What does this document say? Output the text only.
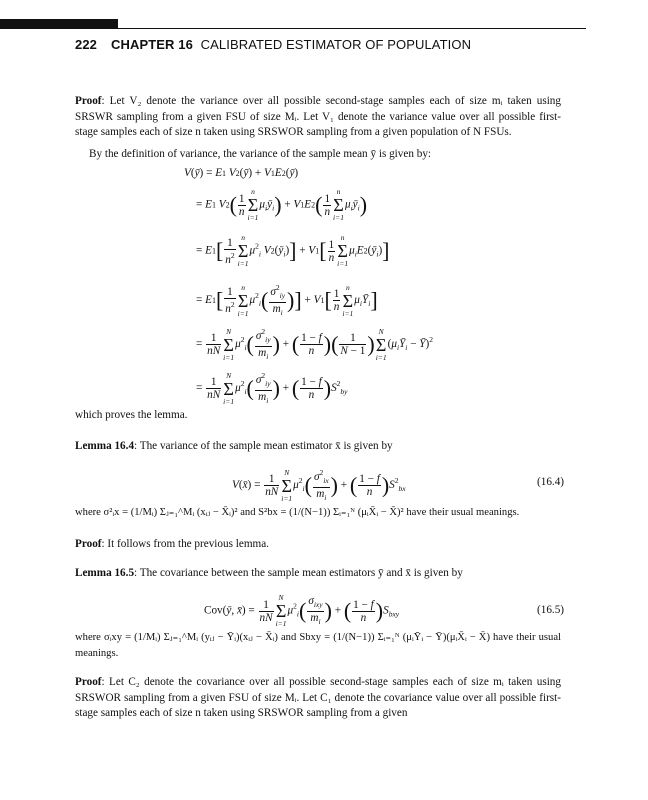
222 CHAPTER 16 CALIBRATED ESTIMATOR OF POPULATION
Proof: Let V₂ denote the variance over all possible second-stage samples each of size mᵢ taken using SRSWR sampling from a given FSU of size Mᵢ. Let V₁ denote the variance value over all possible first-stage samples each of size n taken using SRSWOR sampling from a given population of N FSUs.
By the definition of variance, the variance of the sample mean ȳ is given by:
V(ȳ) = E1 V2(ȳ) + V1E2(ȳ)
= E1 $V2( \frac{1}{n}$
n
Σ
i=1
$\mu_iȳ_i) + V1E2( \frac{1}{n}$
n
Σ
i=1
$\mu_iȳ_i$)
= $E1[ \frac{1}{n^2}$ n
Σ
i=1
$\mu^2_i$ $V2(ȳ_i)] + V1[ \frac{1}{n}$
n
Σ
i=1
$\mu_iE2(ȳ_i)$]
= $E1[ \frac{1}{n^2}$ n
Σ
i=1
$\mu^2_i( \frac{\sigma^2_{iy}}{m_i}$ )] + $V1[ \frac{1}{n}$
n
Σ
i=1
$\mu_iȲ_i$]
= $\frac{1}{nN}$
N
Σ
i=1
$\mu^2_i( \frac{\sigma^2_{iy}}{m_i}$ ) + ( $\frac{1 - f}{n}$ )( $\frac{1}{N - 1}$ )
N
Σ
i=1
($\mu_iȲ_i$ − Ȳ)$^2$
= $\frac{1}{nN}$
N
Σ
i=1
$\mu^2_i( \frac{\sigma^2_{iy}}{m_i}$ ) + ( $\frac{1 - f}{n} )S^2_{by}$
which proves the lemma.
Lemma 16.4: The variance of the sample mean estimator x̄ is given by
V(x̄) = $\frac{1}{nN}$
N
Σ
i=1
$\mu^2_i( \frac{\sigma^2_{ix}}{m_i}$ ) + ( $\frac{1 - f}{n} )S^2_{bx}$
(16.4)
where σ²ᵢx = (1/Mᵢ) Σⱼ₌₁^Mᵢ (xᵢⱼ − X̄ᵢ)² and S²bx = (1/(N−1)) Σᵢ₌₁ᴺ (μᵢX̄ᵢ − X̄)² have their usual meanings.
Proof: It follows from the previous lemma.
Lemma 16.5: The covariance between the sample mean estimators ȳ and x̄ is given by
Cov(ȳ, x̄) = $\frac{1}{nN}$
N
Σ
i=1
$\mu^2_i( \frac{\sigma_{ixy}}{m_i}$ ) + ( $\frac{1 - f}{n} )S_{bxy}$	(16.5)
where σᵢxy = (1/Mᵢ) Σⱼ₌₁^Mᵢ (yᵢⱼ − Ȳᵢ)(xᵢⱼ − X̄ᵢ) and Sbxy = (1/(N−1)) Σᵢ₌₁ᴺ (μᵢȲᵢ − Ȳ)(μᵢX̄ᵢ − X̄) have their usual meanings.
Proof: Let C₂ denote the covariance over all possible second-stage samples each of size mᵢ taken using SRSWOR sampling from a given FSU of size Mᵢ. Let C₁ denote the covariance value over all possible first-stage samples each of size n taken using SRSWOR sampling from a given
